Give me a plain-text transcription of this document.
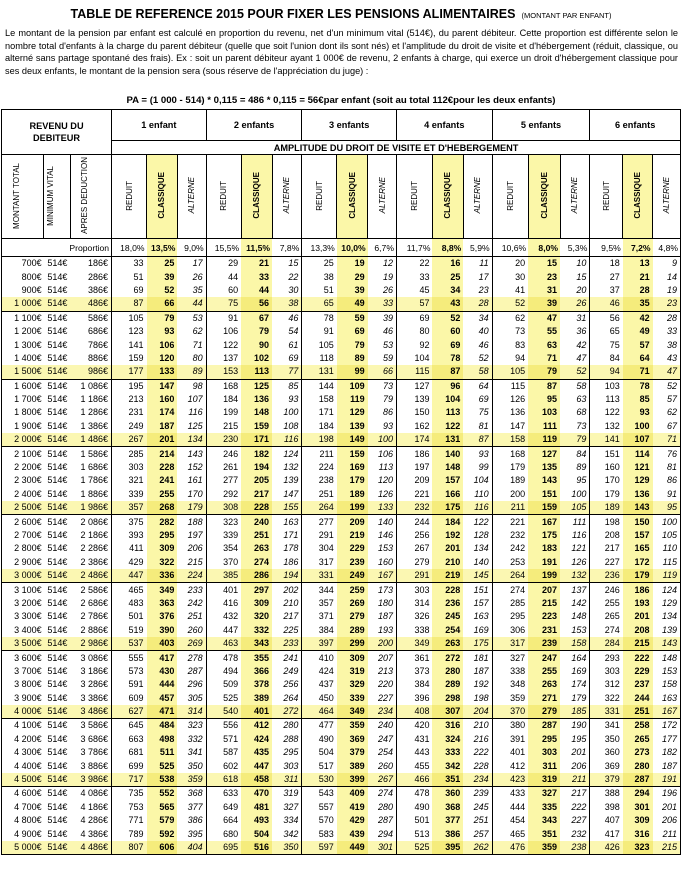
TABLE DE REFERENCE 2015 POUR FIXER LES PENSIONS ALIMENTAIRES (MONTANT PAR ENFANT)
Le montant de la pension par enfant est calculé en proportion du revenu, net d'un minimum vital (514€), du parent débiteur. Cette proportion est différente selon le nombre total d'enfants à la charge du parent débiteur (quelle que soit l'union dont ils sont nés) et l'amplitude du droit de visite et d'hébergement (réduit, classique, ou alterné sans partage spontané des frais). Ex : soit un parent débiteur ayant 1 000€ de revenu, 2 enfants à charge, qui exerce un droit d'hébergement classique pour ses deux enfants, le montant de la pension sera (sous réserve de l'appréciation du juge) :
PA = (1 000 - 514) * 0,115 = 486 * 0,115 = 56€par enfant (soit au total 112€pour les deux enfants)
REVENU DU DEBITEUR			1 enfant			2 enfants			3 enfants			4 enfants			5 enfants			6 enfants		
			AMPLITUDE DU DROIT DE VISITE ET D'HEBERGEMENT																	
MONTANT TOTAL	MINIMUM VITAL	APRES DEDUCTION	REDUIT	CLASSIQUE	ALTERNE	REDUIT	CLASSIQUE	ALTERNE	REDUIT	CLASSIQUE	ALTERNE	REDUIT	CLASSIQUE	ALTERNE	REDUIT	CLASSIQUE	ALTERNE	REDUIT	CLASSIQUE	ALTERNE
Proportion			18,0%	13,5%	9,0%	15,5%	11,5%	7,8%	13,3%	10,0%	6,7%	11,7%	8,8%	5,9%	10,6%	8,0%	5,3%	9,5%	7,2%	4,8%
700€	514€	186€	33	25	17	29	21	15	25	19	12	22	16	11	20	15	10	18	13	9
800€	514€	286€	51	39	26	44	33	22	38	29	19	33	25	17	30	23	15	27	21	14
900€	514€	386€	69	52	35	60	44	30	51	39	26	45	34	23	41	31	20	37	28	19
1 000€	514€	486€	87	66	44	75	56	38	65	49	33	57	43	28	52	39	26	46	35	23
1 100€	514€	586€	105	79	53	91	67	46	78	59	39	69	52	34	62	47	31	56	42	28
1 200€	514€	686€	123	93	62	106	79	54	91	69	46	80	60	40	73	55	36	65	49	33
1 300€	514€	786€	141	106	71	122	90	61	105	79	53	92	69	46	83	63	42	75	57	38
1 400€	514€	886€	159	120	80	137	102	69	118	89	59	104	78	52	94	71	47	84	64	43
1 500€	514€	986€	177	133	89	153	113	77	131	99	66	115	87	58	105	79	52	94	71	47
1 600€	514€	1 086€	195	147	98	168	125	85	144	109	73	127	96	64	115	87	58	103	78	52
1 700€	514€	1 186€	213	160	107	184	136	93	158	119	79	139	104	69	126	95	63	113	85	57
1 800€	514€	1 286€	231	174	116	199	148	100	171	129	86	150	113	75	136	103	68	122	93	62
1 900€	514€	1 386€	249	187	125	215	159	108	184	139	93	162	122	81	147	111	73	132	100	67
2 000€	514€	1 486€	267	201	134	230	171	116	198	149	100	174	131	87	158	119	79	141	107	71
2 100€	514€	1 586€	285	214	143	246	182	124	211	159	106	186	140	93	168	127	84	151	114	76
2 200€	514€	1 686€	303	228	152	261	194	132	224	169	113	197	148	99	179	135	89	160	121	81
2 300€	514€	1 786€	321	241	161	277	205	139	238	179	120	209	157	104	189	143	95	170	129	86
2 400€	514€	1 886€	339	255	170	292	217	147	251	189	126	221	166	110	200	151	100	179	136	91
2 500€	514€	1 986€	357	268	179	308	228	155	264	199	133	232	175	116	211	159	105	189	143	95
2 600€	514€	2 086€	375	282	188	323	240	163	277	209	140	244	184	122	221	167	111	198	150	100
2 700€	514€	2 186€	393	295	197	339	251	171	291	219	146	256	192	128	232	175	116	208	157	105
2 800€	514€	2 286€	411	309	206	354	263	178	304	229	153	267	201	134	242	183	121	217	165	110
2 900€	514€	2 386€	429	322	215	370	274	186	317	239	160	279	210	140	253	191	126	227	172	115
3 000€	514€	2 486€	447	336	224	385	286	194	331	249	167	291	219	145	264	199	132	236	179	119
3 100€	514€	2 586€	465	349	233	401	297	202	344	259	173	303	228	151	274	207	137	246	186	124
3 200€	514€	2 686€	483	363	242	416	309	210	357	269	180	314	236	157	285	215	142	255	193	129
3 300€	514€	2 786€	501	376	251	432	320	217	371	279	187	326	245	163	295	223	148	265	201	134
3 400€	514€	2 886€	519	390	260	447	332	225	384	289	193	338	254	169	306	231	153	274	208	139
3 500€	514€	2 986€	537	403	269	463	343	233	397	299	200	349	263	175	317	239	158	284	215	143
3 600€	514€	3 086€	555	417	278	478	355	241	410	309	207	361	272	181	327	247	164	293	222	148
3 700€	514€	3 186€	573	430	287	494	366	249	424	319	213	373	280	187	338	255	169	303	229	153
3 800€	514€	3 286€	591	444	296	509	378	256	437	329	220	384	289	192	348	263	174	312	237	158
3 900€	514€	3 386€	609	457	305	525	389	264	450	339	227	396	298	198	359	271	179	322	244	163
4 000€	514€	3 486€	627	471	314	540	401	272	464	349	234	408	307	204	370	279	185	331	251	167
4 100€	514€	3 586€	645	484	323	556	412	280	477	359	240	420	316	210	380	287	190	341	258	172
4 200€	514€	3 686€	663	498	332	571	424	288	490	369	247	431	324	216	391	295	195	350	265	177
4 300€	514€	3 786€	681	511	341	587	435	295	504	379	254	443	333	222	401	303	201	360	273	182
4 400€	514€	3 886€	699	525	350	602	447	303	517	389	260	455	342	228	412	311	206	369	280	187
4 500€	514€	3 986€	717	538	359	618	458	311	530	399	267	466	351	234	423	319	211	379	287	191
4 600€	514€	4 086€	735	552	368	633	470	319	543	409	274	478	360	239	433	327	217	388	294	196
4 700€	514€	4 186€	753	565	377	649	481	327	557	419	280	490	368	245	444	335	222	398	301	201
4 800€	514€	4 286€	771	579	386	664	493	334	570	429	287	501	377	251	454	343	227	407	309	206
4 900€	514€	4 386€	789	592	395	680	504	342	583	439	294	513	386	257	465	351	232	417	316	211
5 000€	514€	4 486€	807	606	404	695	516	350	597	449	301	525	395	262	476	359	238	426	323	215
